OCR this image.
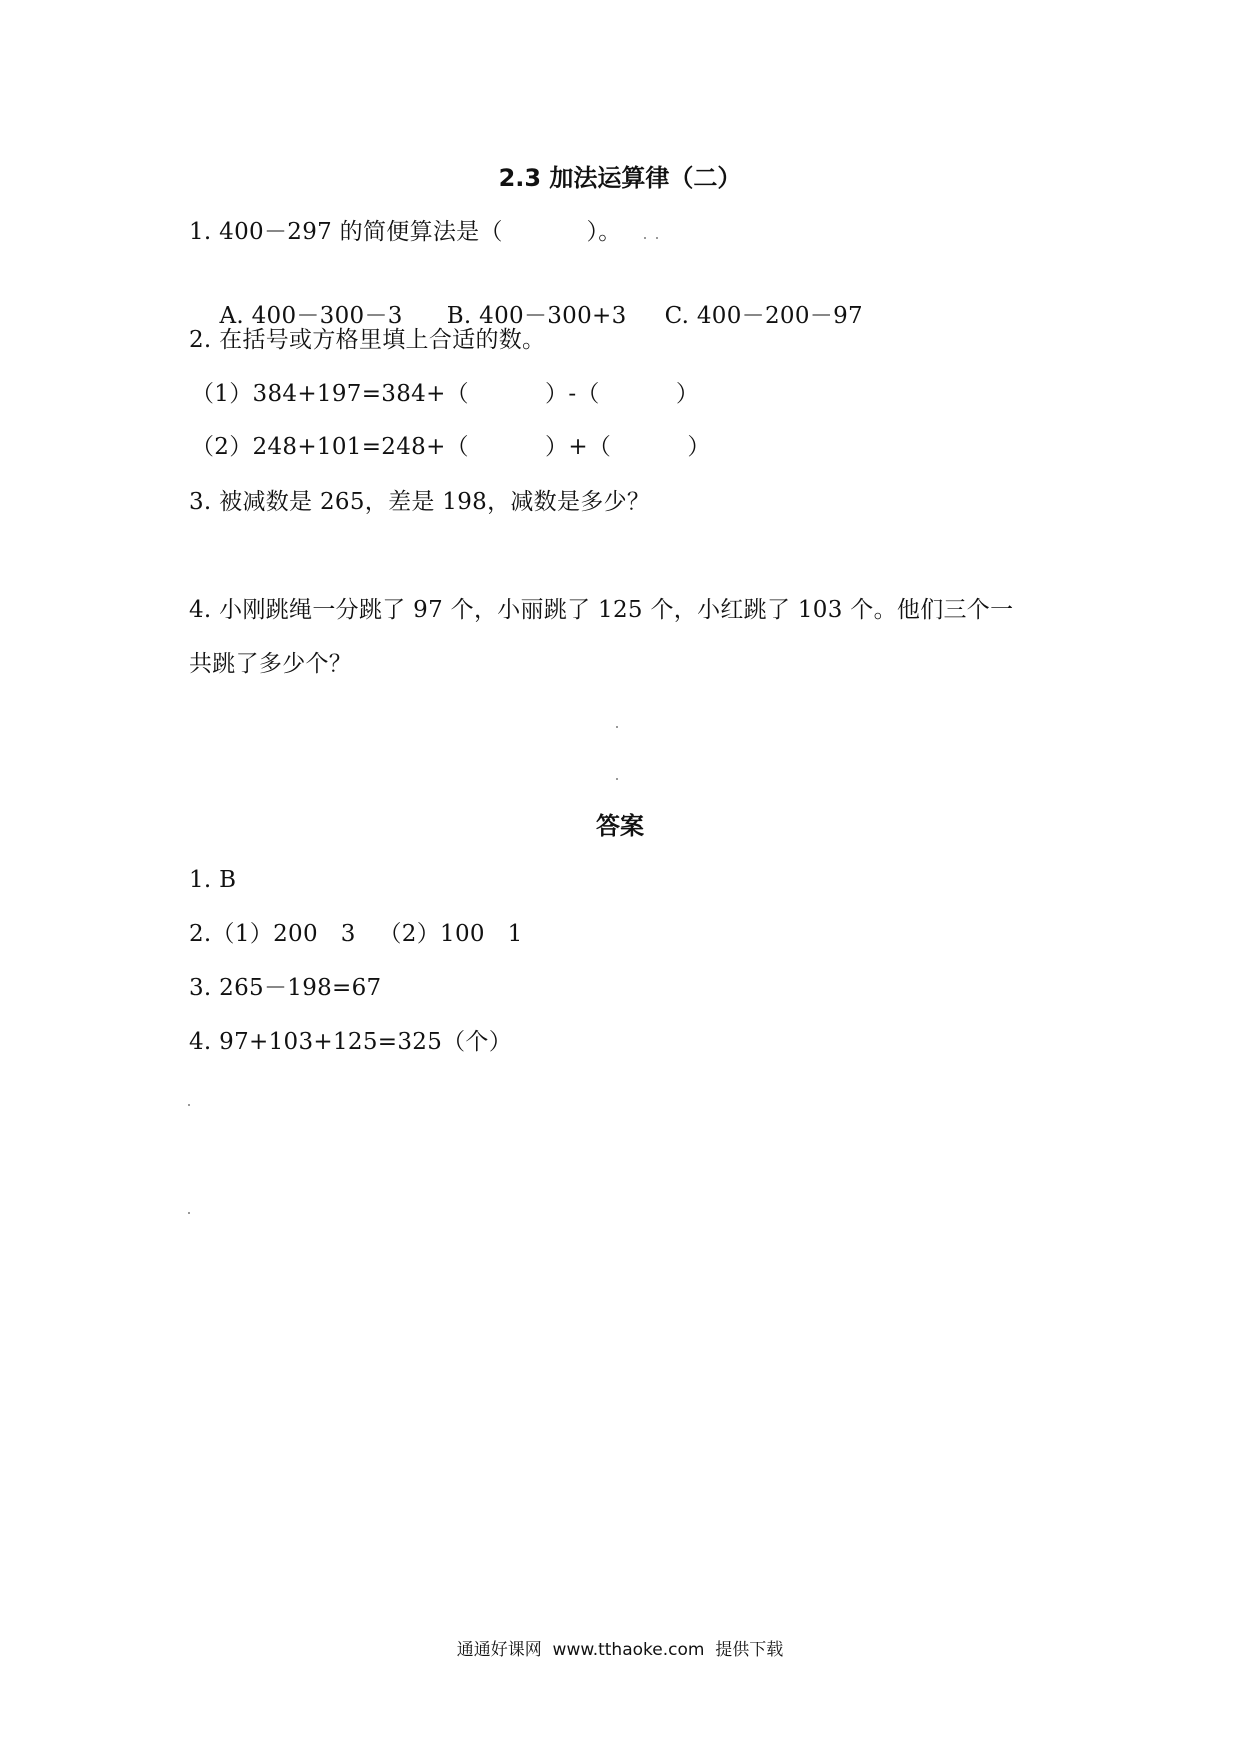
2.3 加法运算律（二）
1. 400－297 的简便算法是（           ）。

A. 400－300－3 B. 400－300+3 C. 400－200－97

2. 在括号或方格里填上合适的数。
（1）384+197=384+（          ）-（          ）
（2）248+101=248+（          ）+（          ）
3. 被减数是 265，差是 198，减数是多少？
4. 小刚跳绳一分跳了 97 个，小丽跳了 125 个，小红跳了 103 个。他们三个一
共跳了多少个？
答案
1. B
2.（1）200   3   （2）100   1
3. 265－198=67
4. 97+103+125=325（个）
通通好课网  www.tthaoke.com  提供下载
